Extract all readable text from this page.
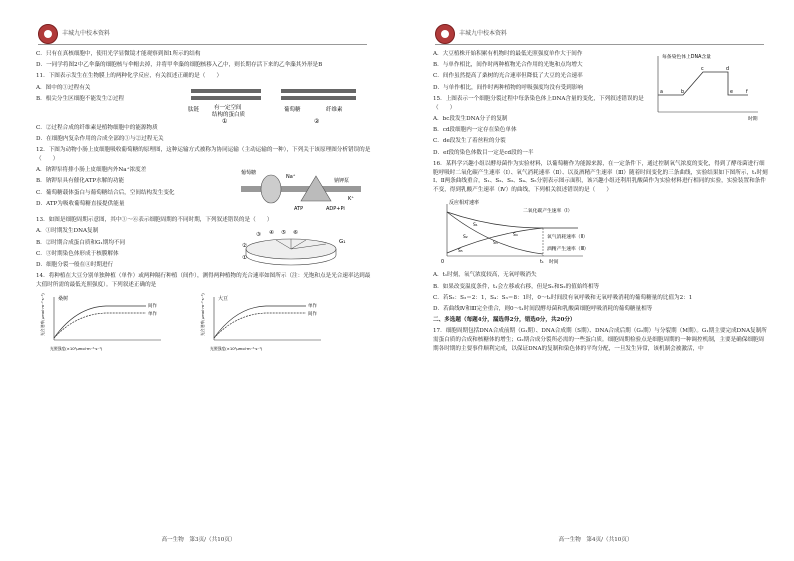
丰城九中校本资料

C．只有在真核细胞中，使用光学显微镜才能观察到图1所示的结构

D．一同学将图2中乙伞藻的细胞核与伞帽去掉，并将甲伞藻的细胞核移入乙中，则长期存活下来的乙伞藻其外形是B

11．下图表示发生在生物膜上的两种化学反应，有关叙述正确的是（　　）

A．图中的①过程有关

B．根尖分生区细胞不能发生②过程

肽链	有一定空间
结构的蛋白质
葡萄糖	纤维素
①	②

C．②过程合成的纤维素是植物细胞中的能源物质

D．在细胞内复杂作用的合成全部的①与②过程无关

12．下图为动物小肠上皮细胞吸收葡萄糖的原理图，这种运输方式被称为协同运输（主动运输的一种），下列关于该原理图分析错误的是（　　）

A．钠钾泵将排小肠上皮细胞内外Na⁺浓度差

B．钠钾泵具有催化ATP水解的功能

C．葡萄糖载体蛋白与葡萄糖结合后，空间结构发生变化

D．ATP为吸收葡萄糖直接提供能量

葡萄糖
Na⁺
钠钾泵
ATP	ADP+Pi
K⁺

13．如图是细胞周期示意图，其中①～⑥表示细胞周期的不同时期，下列叙述错误的是（　　）

A．①时期发生DNA复制

B．②时期合成蛋白质和G₁期均不同

C．③时期染色体形成于核膜解体

D．细胞分裂一般在④时期进行

③ ④ ⑤ ⑥
②
①
G₁

14．将种植在大豆分别单独种植（单作）或两种隔行种植（间作），测得两种植物的光合速率如图所示（注：光饱和点是光合速率达到最大值时所需的最低光照强度）。下列叙述正确的是

桑树
间作
单作
光照强度(×10²μmol·m⁻²·s⁻¹)
光合速率(μmol·m⁻²·s⁻¹)	大豆
单作
间作
光照强度(×10²μmol·m⁻²·s⁻¹)
光合速率(μmol·m⁻²·s⁻¹)
高一生物　第3页/（共10页）
丰城九中校本资料

A．大豆植株开始积累有机物时的最低光照强度单作大于间作

B．与单作相比，间作时两种植物光合作用的光饱和点均增大

C．间作虽然提高了桑树的光合速率但降低了大豆的光合速率

D．与单作相比，间作时两种植物的呼吸强度均没有受到影响

15．上图表示一个细胞分裂过程中每条染色体上DNA含量的变化，下列叙述错误的是（　　）

A．bc段发生DNA分子的复制

B．cd段细胞内一定存在染色单体

C．de段发生了着丝粒的分裂

D．ef段的染色体数目一定是cd段的一半

每条染色体上DNA含量
时期
a	b
c	d
e	f

16．某科学兴趣小组以酵母菌作为实验材料，以葡萄糖作为能源来源，在一定条件下，通过控制氧气浓度的变化，得到了酵母菌进行细胞呼吸时二氧化碳产生速率（Ⅰ）、氧气消耗速率（Ⅱ）、以及酒精产生速率（Ⅲ）随着时间变化的三条曲线，实验结果如下图所示，t₁时刻Ⅰ、Ⅱ两条曲线重合，S₁、S₂、S₃、S₄、S₅分别表示图示面积，该兴趣小组还利用乳酸菌作为实验材料进行相同的实验，实验装置和条件不变，得到乳酸产生速率（Ⅳ）的曲线，下列相关叙述错误的是（　　）

反应相对速率
二氧化碳产生速率（Ⅰ）
氧气消耗速率（Ⅱ）
酒精产生速率（Ⅲ）
0	t₁ 时间
S₁
S₂
S₃
S₄
S₅

A．t₁时刻，氧气浓度较高，无氧呼吸消失

B．如果改变温度条件，t₁会左移或右移，但是S₁和S₂的值始终相等

C．若S₂：S₃＝2：1，S₄：S₃＝8：1时，0～t₁时间段有氧呼吸和无氧呼吸消耗的葡萄糖量的比值为2：1

D．若曲线Ⅳ和Ⅲ完全重合，则0～t₁时间段酵母菌和乳酸菌细胞呼吸消耗的葡萄糖量相等

二、多选题（每题4分，漏选得2分，错选0分，共20分）

17．细胞周期包括DNA合成前期（G₁期）、DNA合成期（S期）、DNA合成后期（G₂期）与分裂期（M期）。G₁期主要完成DNA复制所需蛋白质的合成和核糖体的增生；G₂期合成分裂所必需的一些蛋白质。细胞周期检验点是细胞周期的一种调控机制，主要是确保细胞周期各时期的主要事件顺利完成，以保证DNA的复制和染色体的平均分配，一旦发生异常，该机制会被激活，中

高一生物　第4页/（共10页）
